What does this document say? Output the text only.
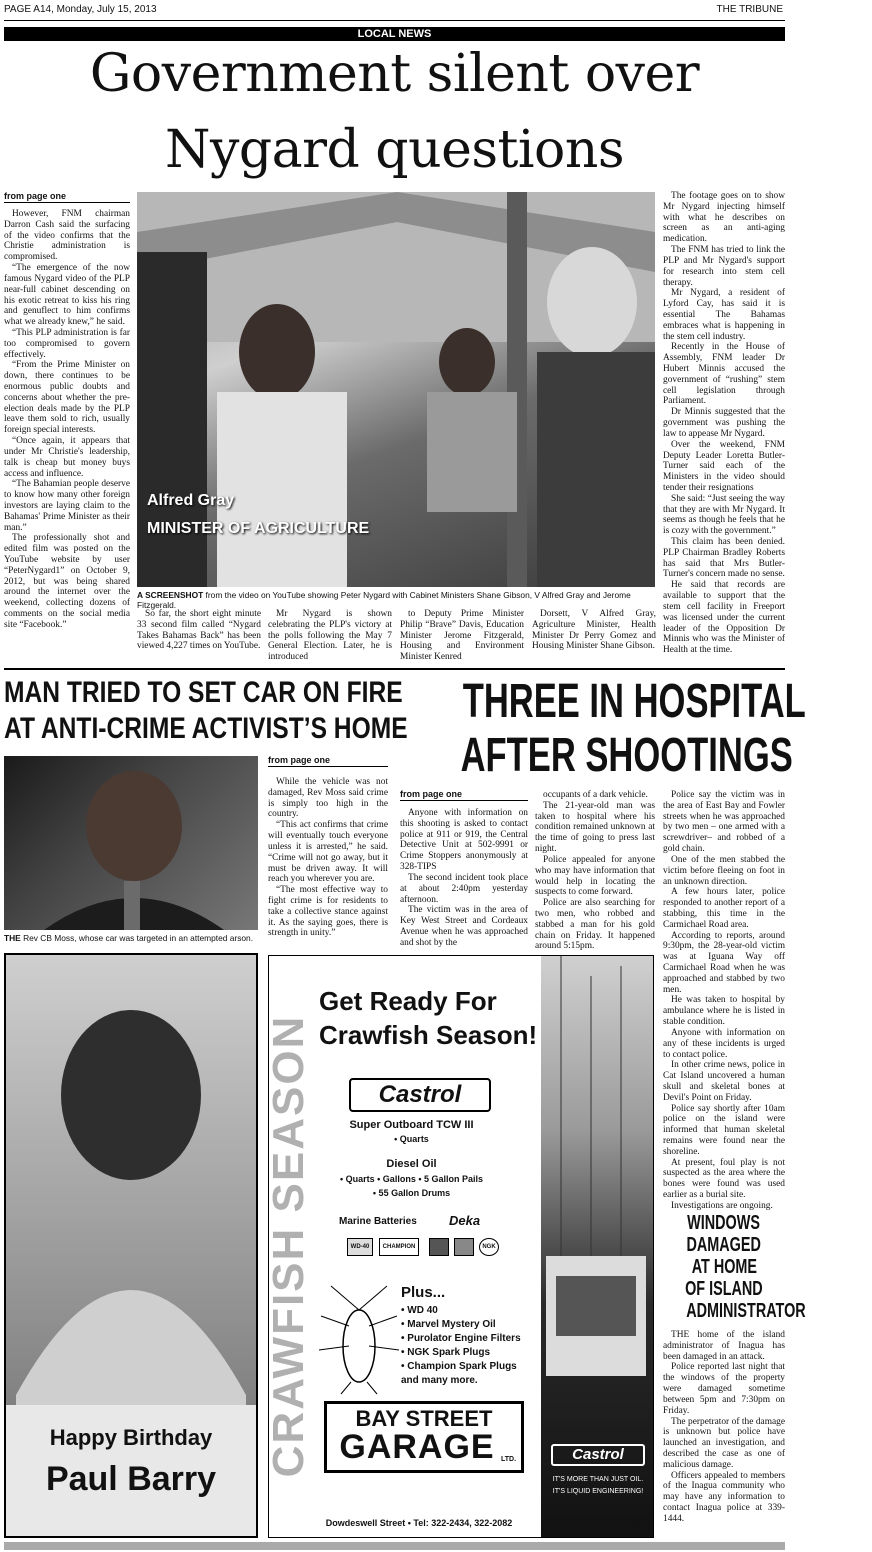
PAGE A14, Monday, July 15, 2013	THE TRIBUNE
LOCAL NEWS
Government silent over
Nygard questions
from page one

However, FNM chairman Darron Cash said the surfacing of the video confirms that the Christie administration is compromised.

“The emergence of the now famous Nygard video of the PLP near-full cabinet descending on his exotic retreat to kiss his ring and genuflect to him confirms what we already knew,” he said.

“This PLP administration is far too compromised to govern effectively.

“From the Prime Minister on down, there continues to be enormous public doubts and concerns about whether the pre-election deals made by the PLP leave them sold to rich, usually foreign special interests.

“Once again, it appears that under Mr Christie's leadership, talk is cheap but money buys access and influence.

“The Bahamian people deserve to know how many other foreign investors are laying claim to the Bahamas' Prime Minister as their man.”

The professionally shot and edited film was posted on the YouTube website by user “PeterNygard1” on October 9, 2012, but was being shared around the internet over the weekend, collecting dozens of comments on the social media site “Facebook.”

Alfred Gray
MINISTER OF AGRICULTURE
A SCREENSHOT from the video on YouTube showing Peter Nygard with Cabinet Ministers Shane Gibson, V Alfred Gray and Jerome Fitzgerald.

So far, the short eight minute 33 second film called “Nygard Takes Bahamas Back” has been viewed 4,227 times on YouTube.

Mr Nygard is shown celebrating the PLP's victory at the polls following the May 7 General Election. Later, he is introduced

to Deputy Prime Minister Philip “Brave” Davis, Education Minister Jerome Fitzgerald, Housing and Environment Minister Kenred

Dorsett, V Alfred Gray, Agriculture Minister, Health Minister Dr Perry Gomez and Housing Minister Shane Gibson.

The footage goes on to show Mr Nygard injecting himself with what he describes on screen as an anti-aging medication.

The FNM has tried to link the PLP and Mr Nygard's support for research into stem cell therapy.

Mr Nygard, a resident of Lyford Cay, has said it is essential The Bahamas embraces what is happening in the stem cell industry.

Recently in the House of Assembly, FNM leader Dr Hubert Minnis accused the government of “rushing” stem cell legislation through Parliament.

Dr Minnis suggested that the government was pushing the law to appease Mr Nygard.

Over the weekend, FNM Deputy Leader Loretta Butler-Turner said each of the Ministers in the video should tender their resignations

She said: “Just seeing the way that they are with Mr Nygard. It seems as though he feels that he is cozy with the government.”

This claim has been denied. PLP Chairman Bradley Roberts has said that Mrs Butler-Turner's concern made no sense.

He said that records are available to support that the stem cell facility in Freeport was licensed under the current leader of the Opposition Dr Minnis who was the Minister of Health at the time.

MAN TRIED TO SET CAR ON FIRE
AT ANTI-CRIME ACTIVIST’S HOME
THE Rev CB Moss, whose car was targeted in an attempted arson.
from page one

While the vehicle was not damaged, Rev Moss said crime is simply too high in the country.

“This act confirms that crime will eventually touch everyone unless it is arrested,” he said. “Crime will not go away, but it must be driven away. It will reach you wherever you are.

“The most effective way to fight crime is for residents to take a collective stance against it. As the saying goes, there is strength in unity.”

Happy Birthday
Paul Barry
THREE IN HOSPITAL
AFTER SHOOTINGS
from page one

Anyone with information on this shooting is asked to contact police at 911 or 919, the Central Detective Unit at 502-9991 or Crime Stoppers anonymously at 328-TIPS

The second incident took place at about 2:40pm yesterday afternoon.

The victim was in the area of Key West Street and Cordeaux Avenue when he was approached and shot by the

occupants of a dark vehicle.

The 21-year-old man was taken to hospital where his condition remained unknown at the time of going to press last night.

Police appealed for anyone who may have information that would help in locating the suspects to come forward.

Police are also searching for two men, who robbed and stabbed a man for his gold chain on Friday. It happened around 5:15pm.

Police say the victim was in the area of East Bay and Fowler streets when he was approached by two men – one armed with a screwdriver– and robbed of a gold chain.

One of the men stabbed the victim before fleeing on foot in an unknown direction.

A few hours later, police responded to another report of a stabbing, this time in the Carmichael Road area.

According to reports, around 9:30pm, the 28-year-old victim was at Iguana Way off Carmichael Road when he was approached and stabbed by two men.

He was taken to hospital by ambulance where he is listed in stable condition.

Anyone with information on any of these incidents is urged to contact police.

In other crime news, police in Cat Island uncovered a human skull and skeletal bones at Devil's Point on Friday.

Police say shortly after 10am police on the island were informed that human skeletal remains were found near the shoreline.

At present, foul play is not suspected as the area where the bones were found was used earlier as a burial site.

Investigations are ongoing.

WINDOWS
DAMAGED
AT HOME
OF ISLAND
ADMINISTRATOR

THE home of the island administrator of Inagua has been damaged in an attack.

Police reported last night that the windows of the property were damaged sometime between 5pm and 7:30pm on Friday.

The perpetrator of the damage is unknown but police have launched an investigation, and described the case as one of malicious damage.

Officers appealed to members of the Inagua community who may have any information to contact Inagua police at 339-1444.

CRAWFISH SEASON
Get Ready For
Crawfish Season!
Castrol
Super Outboard TCW III
• Quarts
Diesel Oil
• Quarts • Gallons • 5 Gallon Pails
• 55 Gallon Drums
Marine Batteries Deka
WD-40	CHAMPION	NGK
Plus...
• WD 40
• Marvel Mystery Oil
• Purolator Engine Filters
• NGK Spark Plugs
• Champion Spark Plugs
and many more.
BAY STREET
GARAGE LTD.
Dowdeswell Street • Tel: 322-2434, 322-2082
Castrol
IT'S MORE THAN JUST OIL.
IT'S LIQUID ENGINEERING!
